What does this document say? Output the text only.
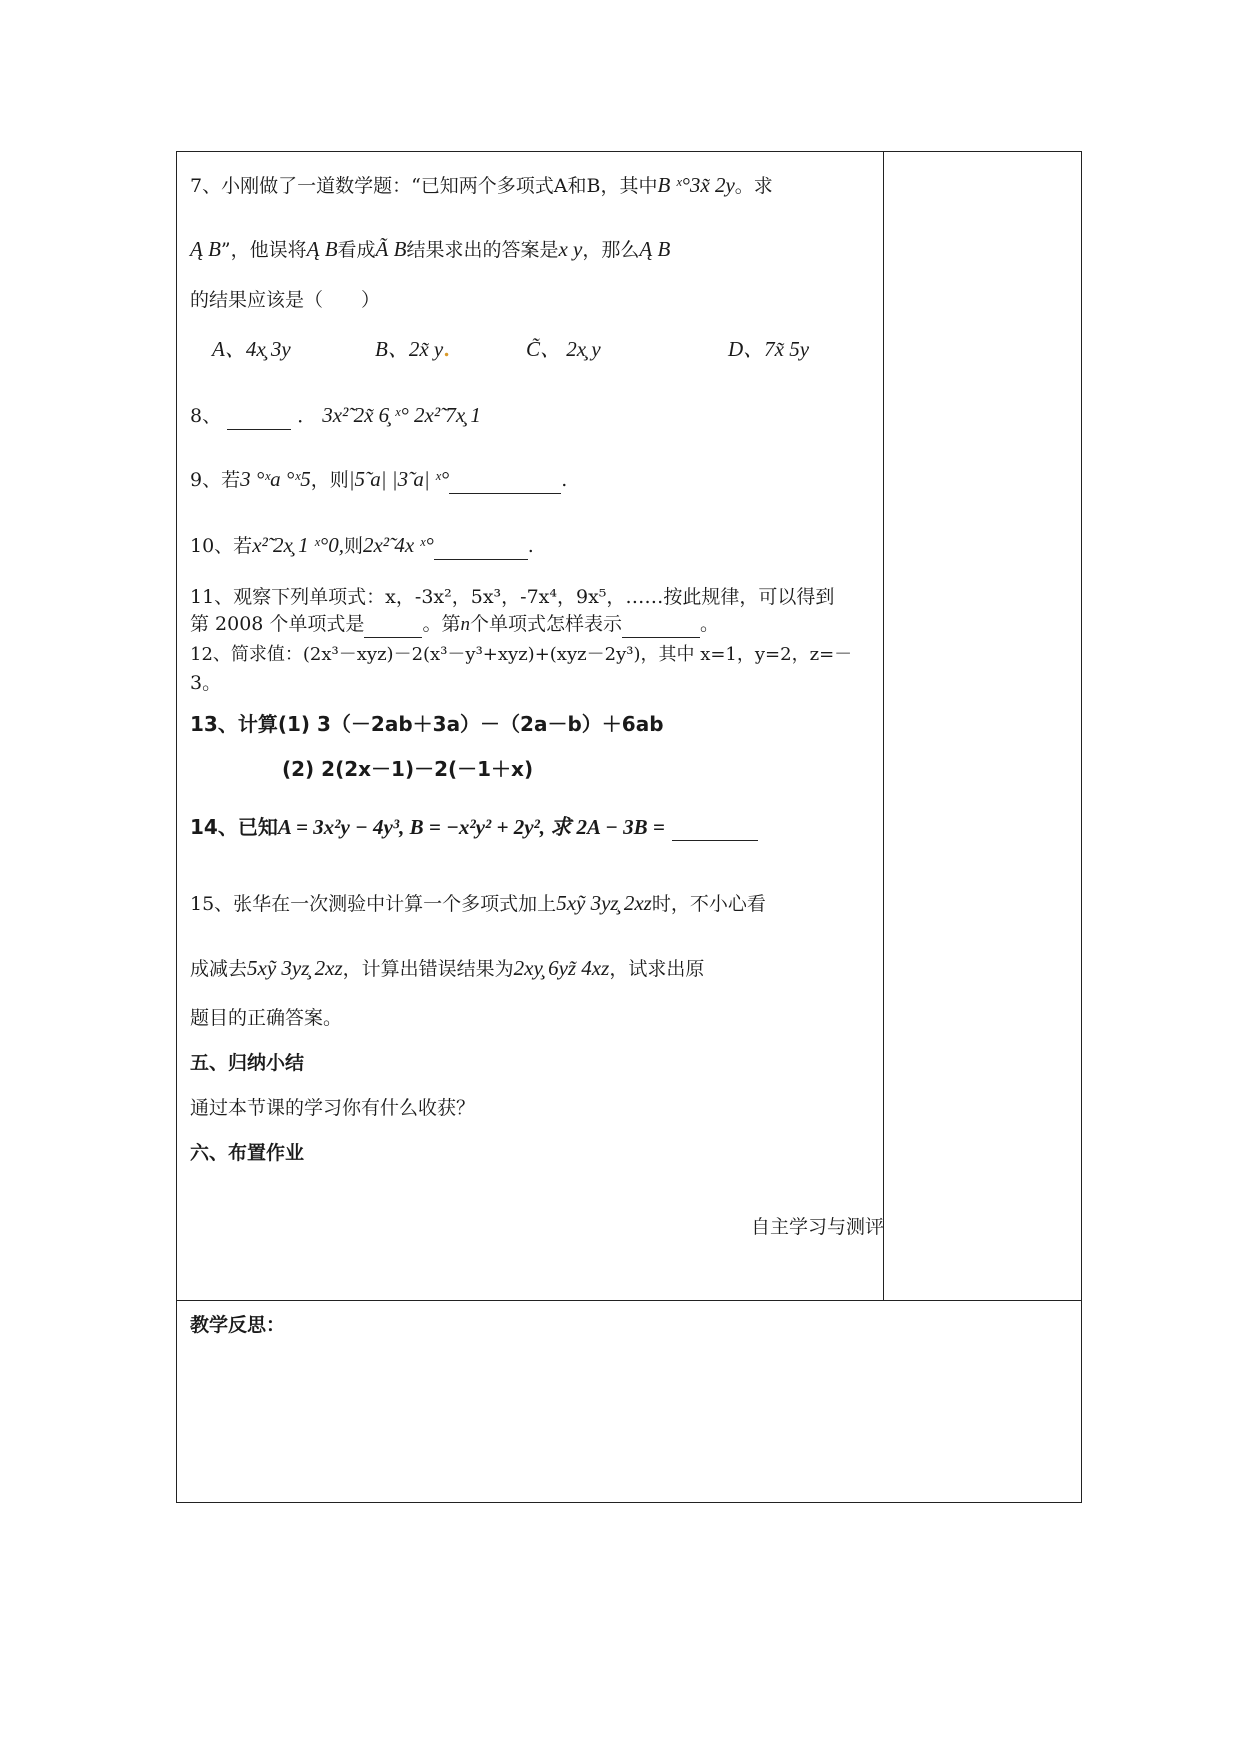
7、小刚做了一道数学题：“已知两个多项式A和B，其中B ˣ°3x̃ 2y。求
Ą B”，他误将Ą B看成Ã B结果求出的答案是x y，那么Ą B
的结果应该是（　　）
A、4x̧ 3y	B、2x̃ y.	C̃、 2x̧ y	D、7x̃ 5y
8、	． 3x²̃ 2x̃ 6̧ ˣ° 2x²̃ 7x̧ 1
9、若3 °ˣa °ˣ5，则|5̃ a| |3̃ a| ˣ°	.
10、若x²̃ 2x̧ 1 ˣ°0,则2x²̃ 4x ˣ°	.
11、观察下列单项式：x，-3x²，5x³，-7x⁴，9x⁵，……按此规律，可以得到
第 2008 个单项式是	。第n个单项式怎样表示	。
12、简求值：(2x³－xyz)－2(x³－y³+xyz)+(xyz－2y³)，其中 x=1，y=2，z=－
3。
13、计算(1) 3（－2ab＋3a）－（2a－b）＋6ab
(2) 2(2x－1)－2(－1＋x)
14、已知A = 3x²y − 4y³, B = −x²y² + 2y², 求 2A − 3B =
15、张华在一次测验中计算一个多项式加上5xỹ 3yz̧ 2xz时，不小心看
成减去5xỹ 3yz̧ 2xz，计算出错误结果为2xy̧ 6yz̃ 4xz，试求出原
题目的正确答案。
五、归纳小结
通过本节课的学习你有什么收获？
六、布置作业
自主学习与测评
教学反思：
